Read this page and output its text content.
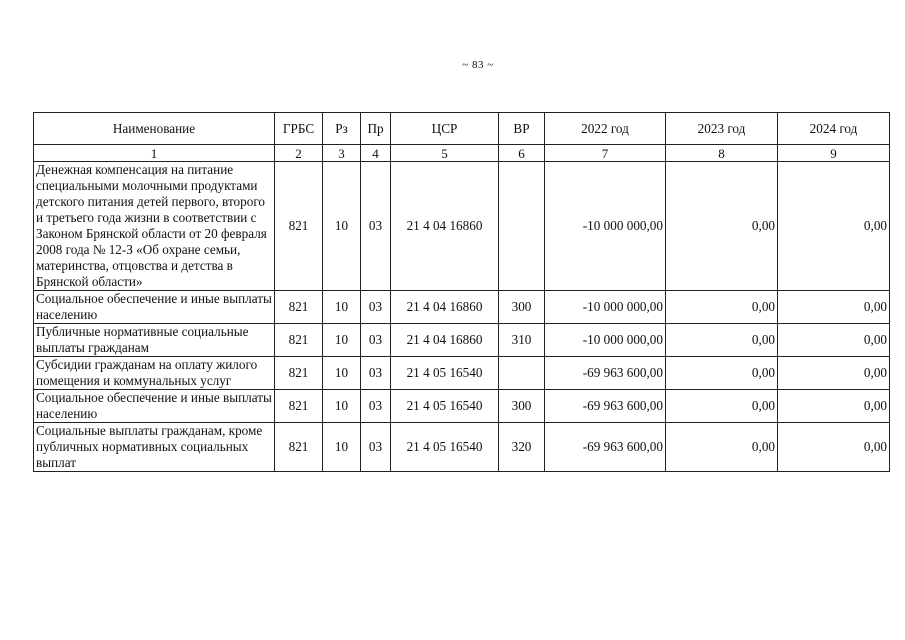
~ 83 ~
Наименование	ГРБС	Рз	Пр	ЦСР	ВР	2022 год	2023 год	2024 год
1	2	3	4	5	6	7	8	9
Денежная компенсация на питание специальными молочными продуктами детского питания детей первого, второго и третьего года жизни в соответствии с Законом Брянской области от 20 февраля 2008 года № 12-З «Об охране семьи, материнства, отцовства и детства в Брянской области»	821	10	03	21 4 04 16860		-10 000 000,00	0,00	0,00
Социальное обеспечение и иные выплаты населению	821	10	03	21 4 04 16860	300	-10 000 000,00	0,00	0,00
Публичные нормативные социальные выплаты гражданам	821	10	03	21 4 04 16860	310	-10 000 000,00	0,00	0,00
Субсидии гражданам на оплату жилого помещения и коммунальных услуг	821	10	03	21 4 05 16540		-69 963 600,00	0,00	0,00
Социальное обеспечение и иные выплаты населению	821	10	03	21 4 05 16540	300	-69 963 600,00	0,00	0,00
Социальные выплаты гражданам, кроме публичных нормативных социальных выплат	821	10	03	21 4 05 16540	320	-69 963 600,00	0,00	0,00
